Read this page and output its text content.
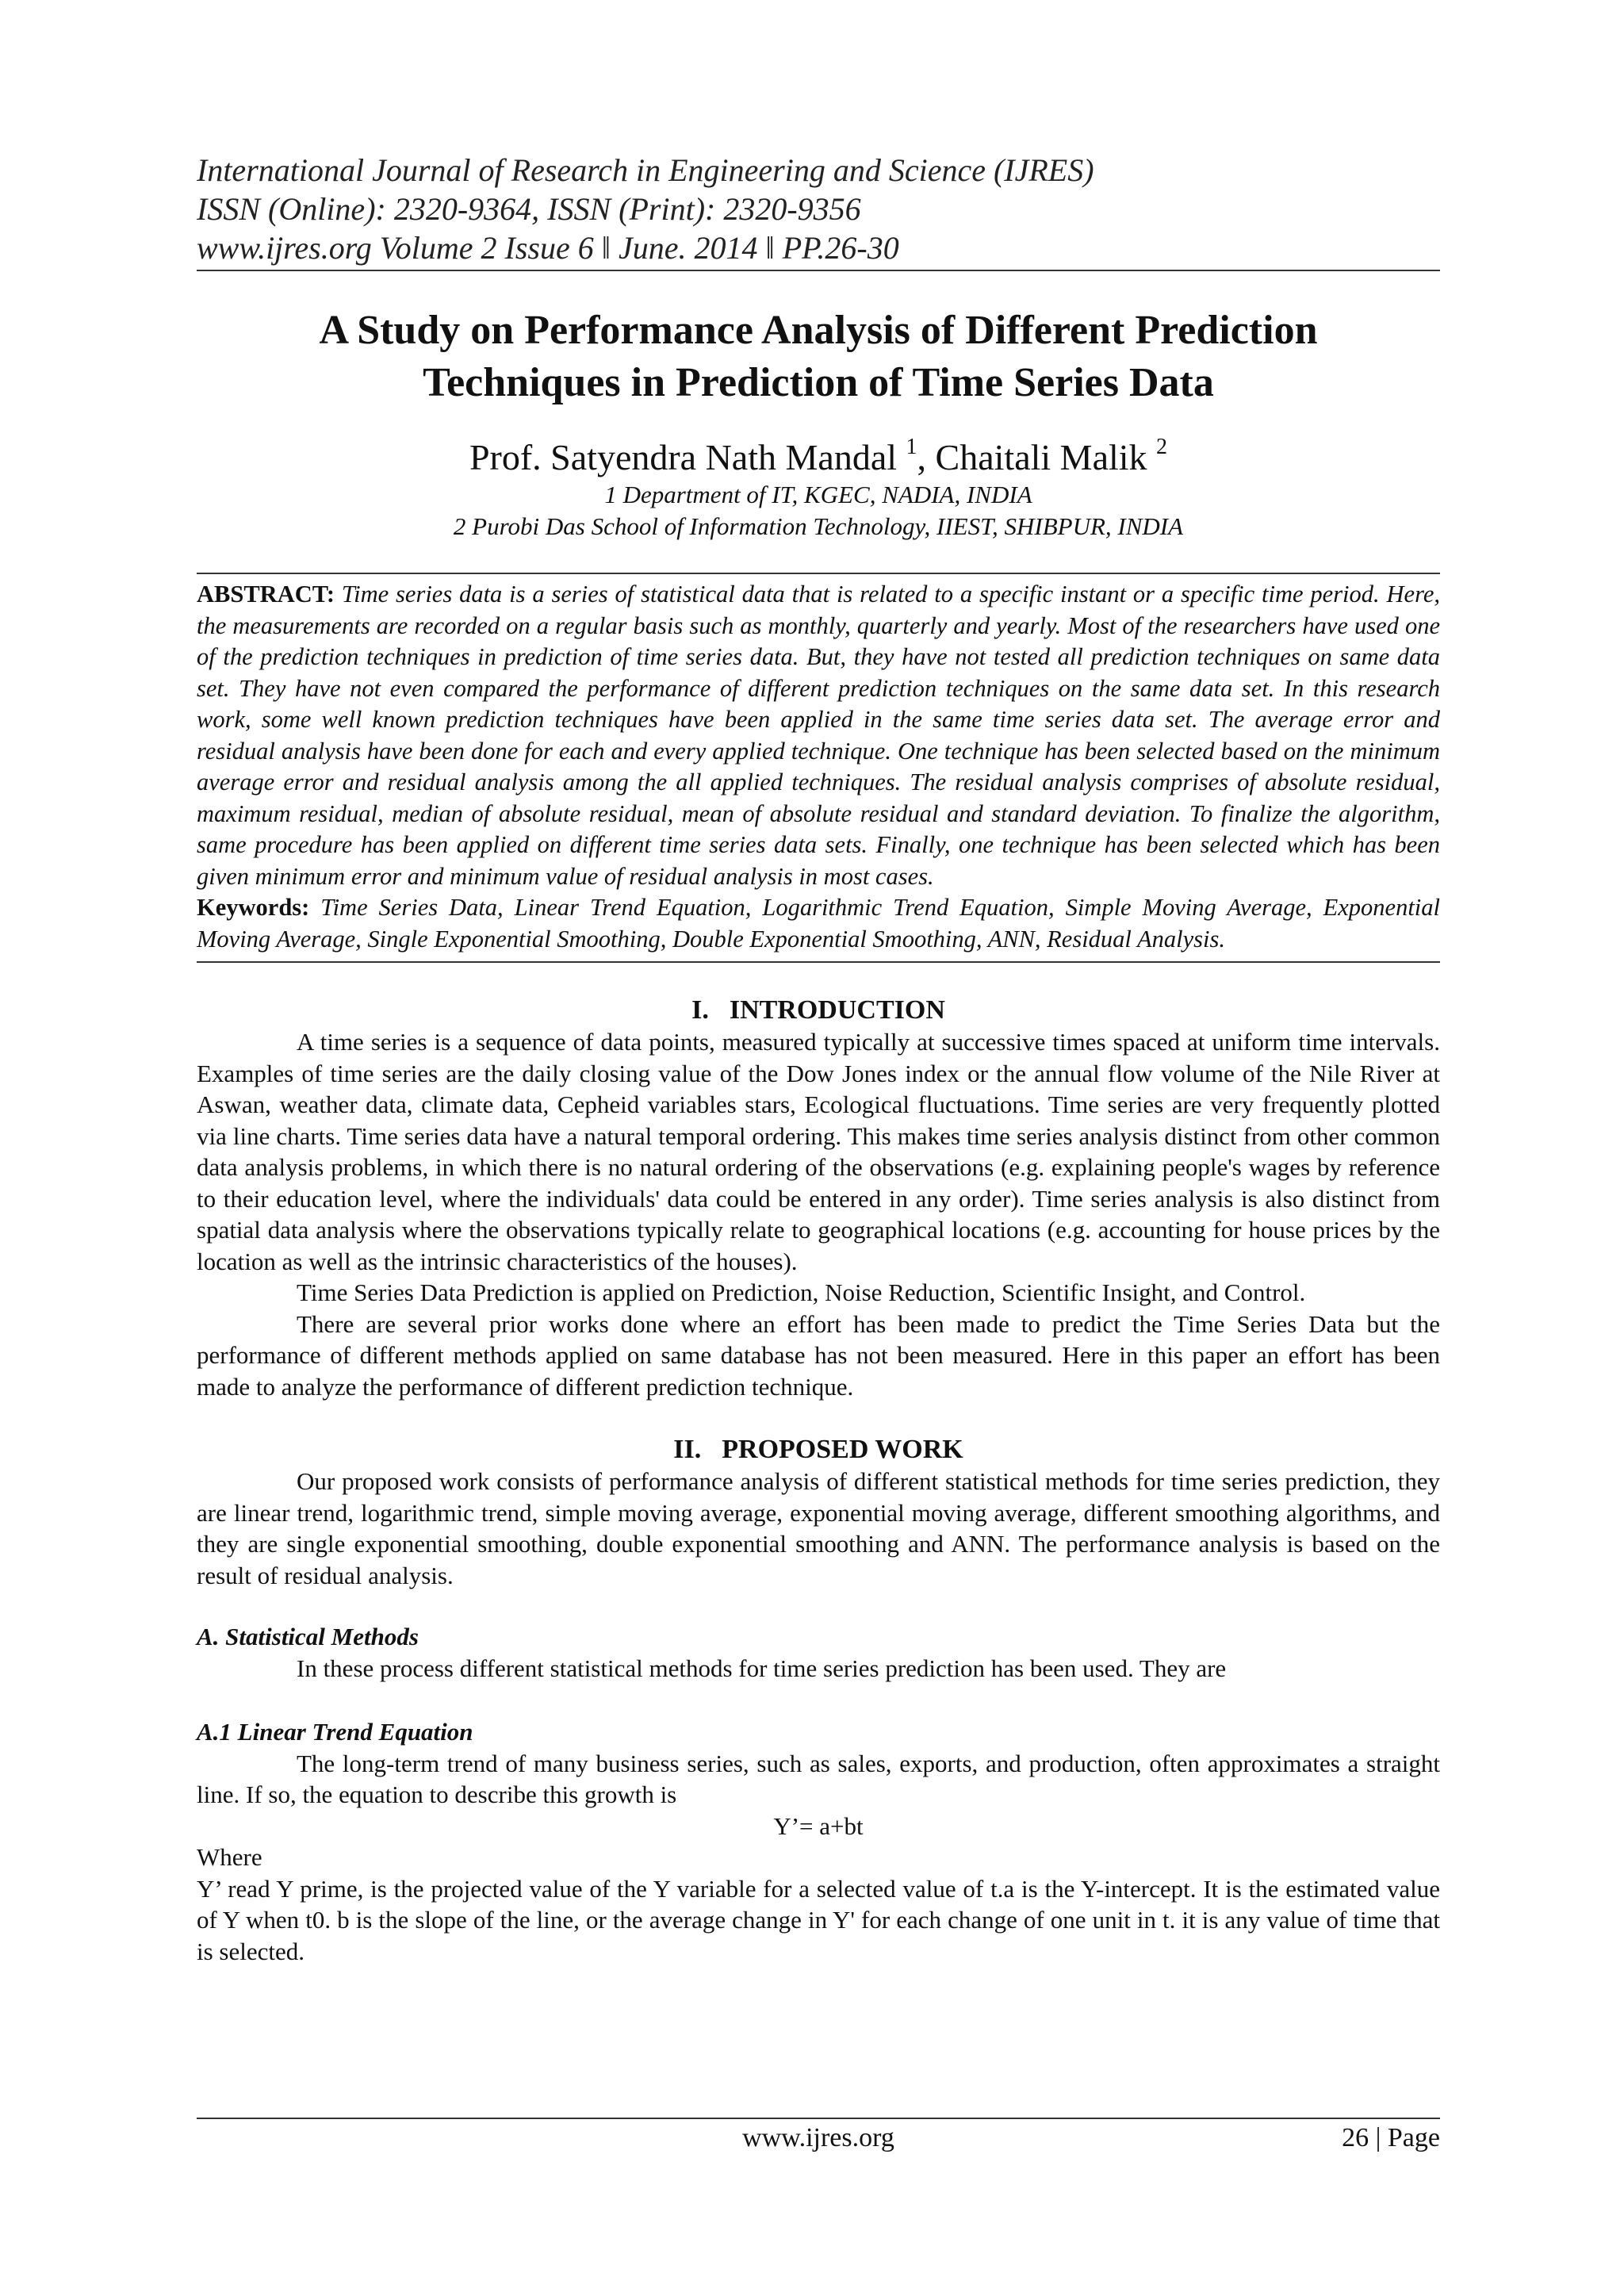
International Journal of Research in Engineering and Science (IJRES)
ISSN (Online): 2320-9364, ISSN (Print): 2320-9356
www.ijres.org Volume 2 Issue 6 ǁ June. 2014 ǁ PP.26-30
A Study on Performance Analysis of Different Prediction
Techniques in Prediction of Time Series Data
Prof. Satyendra Nath Mandal $^1$, Chaitali Malik $^2$
1 Department of IT, KGEC, NADIA, INDIA
2 Purobi Das School of Information Technology, IIEST, SHIBPUR, INDIA

ABSTRACT: Time series data is a series of statistical data that is related to a specific instant or a specific time period. Here, the measurements are recorded on a regular basis such as monthly, quarterly and yearly. Most of the researchers have used one of the prediction techniques in prediction of time series data. But, they have not tested all prediction techniques on same data set. They have not even compared the performance of different prediction techniques on the same data set. In this research work, some well known prediction techniques have been applied in the same time series data set. The average error and residual analysis have been done for each and every applied technique. One technique has been selected based on the minimum average error and residual analysis among the all applied techniques. The residual analysis comprises of absolute residual, maximum residual, median of absolute residual, mean of absolute residual and standard deviation. To finalize the algorithm, same procedure has been applied on different time series data sets. Finally, one technique has been selected which has been given minimum error and minimum value of residual analysis in most cases.

Keywords: Time Series Data, Linear Trend Equation, Logarithmic Trend Equation, Simple Moving Average, Exponential Moving Average, Single Exponential Smoothing, Double Exponential Smoothing, ANN, Residual Analysis.

I. INTRODUCTION

A time series is a sequence of data points, measured typically at successive times spaced at uniform time intervals. Examples of time series are the daily closing value of the Dow Jones index or the annual flow volume of the Nile River at Aswan, weather data, climate data, Cepheid variables stars, Ecological fluctuations. Time series are very frequently plotted via line charts. Time series data have a natural temporal ordering. This makes time series analysis distinct from other common data analysis problems, in which there is no natural ordering of the observations (e.g. explaining people's wages by reference to their education level, where the individuals' data could be entered in any order). Time series analysis is also distinct from spatial data analysis where the observations typically relate to geographical locations (e.g. accounting for house prices by the location as well as the intrinsic characteristics of the houses).

Time Series Data Prediction is applied on Prediction, Noise Reduction, Scientific Insight, and Control.

There are several prior works done where an effort has been made to predict the Time Series Data but the performance of different methods applied on same database has not been measured. Here in this paper an effort has been made to analyze the performance of different prediction technique.

II. PROPOSED WORK

Our proposed work consists of performance analysis of different statistical methods for time series prediction, they are linear trend, logarithmic trend, simple moving average, exponential moving average, different smoothing algorithms, and they are single exponential smoothing, double exponential smoothing and ANN. The performance analysis is based on the result of residual analysis.

A. Statistical Methods

In these process different statistical methods for time series prediction has been used. They are

A.1 Linear Trend Equation

The long-term trend of many business series, such as sales, exports, and production, often approximates a straight line. If so, the equation to describe this growth is

Y’= a+bt

Where

Y’ read Y prime, is the projected value of the Y variable for a selected value of t.a is the Y-intercept. It is the estimated value of Y when t0. b is the slope of the line, or the average change in Y' for each change of one unit in t. it is any value of time that is selected.

www.ijres.org	26 | Page
